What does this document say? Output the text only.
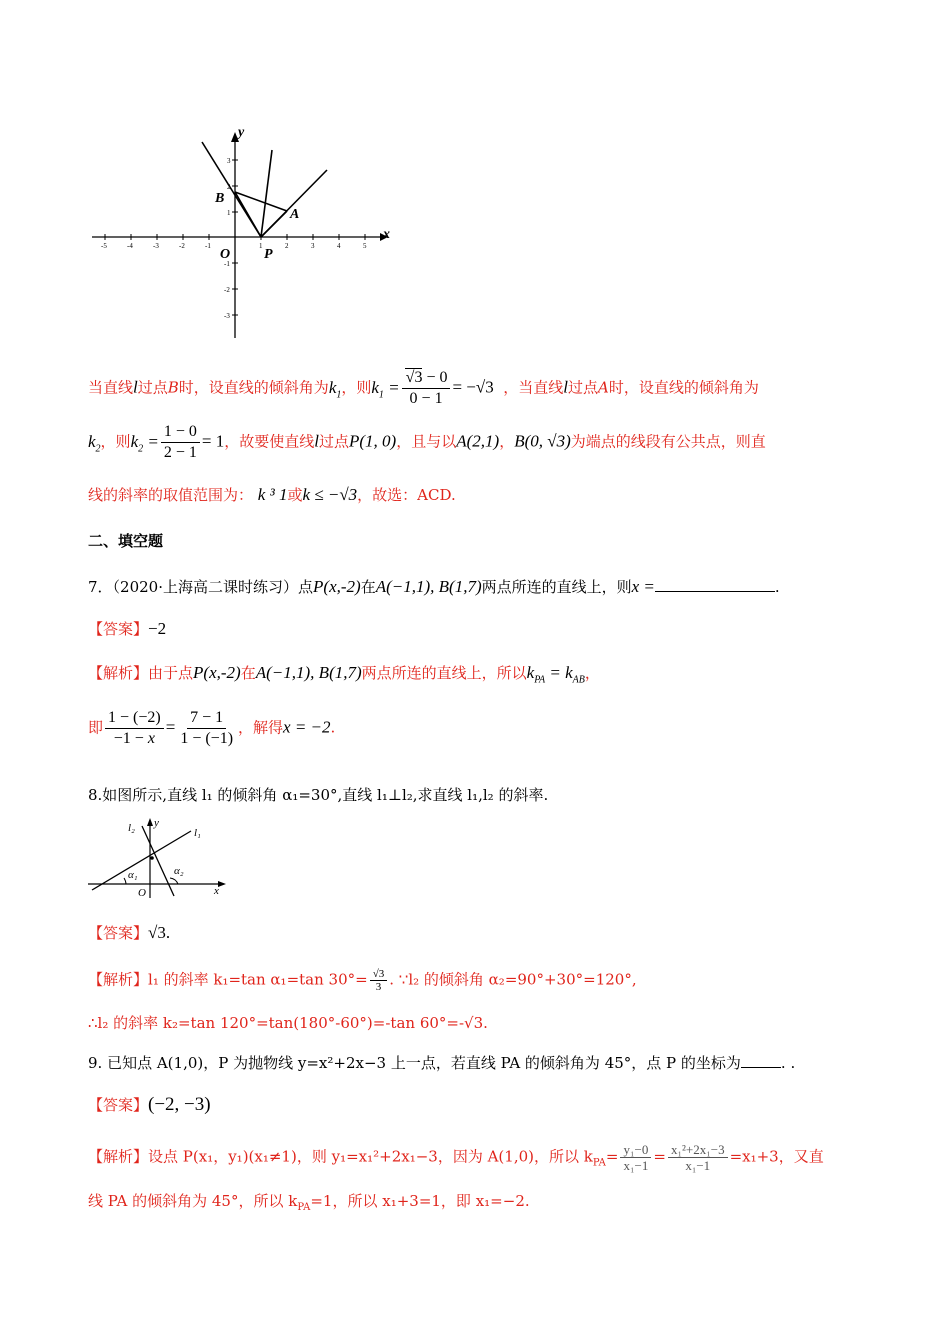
-5	-4	-3	-2	-1	1	2	3	4	5
3
2
1
-1
-2
-3
y
x
B
A
O P
当直线l过点B时，设直线的倾斜角为$k_1$，则$k_1 = \frac{√3 - 0}{0 - 1} = -√3$ ，当直线l过点A时，设直线的倾斜角为
$k_2$，则$k_2 = \frac{1 - 0}{2 - 1} = 1$，故要使直线l过点P(1, 0)，且与以A(2,1)，B(0, √3)为端点的线段有公共点，则直
线的斜率的取值范围为： k ³ 1或k ≤ −√3，故选：ACD.
二、填空题
7．（2020·上海高二课时练习）点P(x,-2)在A(−1,1), B(1,7)两点所连的直线上，则x =	.
【答案】−2
【解析】由于点P(x,-2)在A(−1,1), B(1,7)两点所连的直线上，所以$k_{PA} = k_{AB}$，
即 $\frac{1 - (-2)}{-1 - x} = \frac{7 - 1}{1 - (-1)}$ ，解得x = −2.
8.如图所示,直线 l₁ 的倾斜角 α₁=30°,直线 l₁⊥l₂,求直线 l₁,l₂ 的斜率.
l₂ y
l₁
α₁	α₂
O	x
【答案】√3.
【解析】l₁ 的斜率 k₁=tan α₁=tan $30^\circ= \frac{√3}{3}$ . ∵l₂ 的倾斜角 α₂=90°+30°=120°,
∴l₂ 的斜率 k₂=tan 120°=tan(180°-60°)=-tan 60°=-√3.
9. 已知点 A(1,0)，P 为抛物线 y=x²+2x−3 上一点，若直线 PA 的倾斜角为 45°，点 P 的坐标为	. .
【答案】(−2, −3)
【解析】设点 P(x₁，y₁)(x₁≠1)，则 y₁=x₁²+2x₁−3，因为 A(1,0)，所以 $k_{PA}= \frac{\text{y₁−0}}{\text{x₁−1}} = \frac{\text{x₁²+2x₁−3}}{\text{x₁−1}} =x_1+3$，又直
线 PA 的倾斜角为 45°，所以 $k_{PA}=1$，所以 x₁+3=1，即 x₁=−2.
